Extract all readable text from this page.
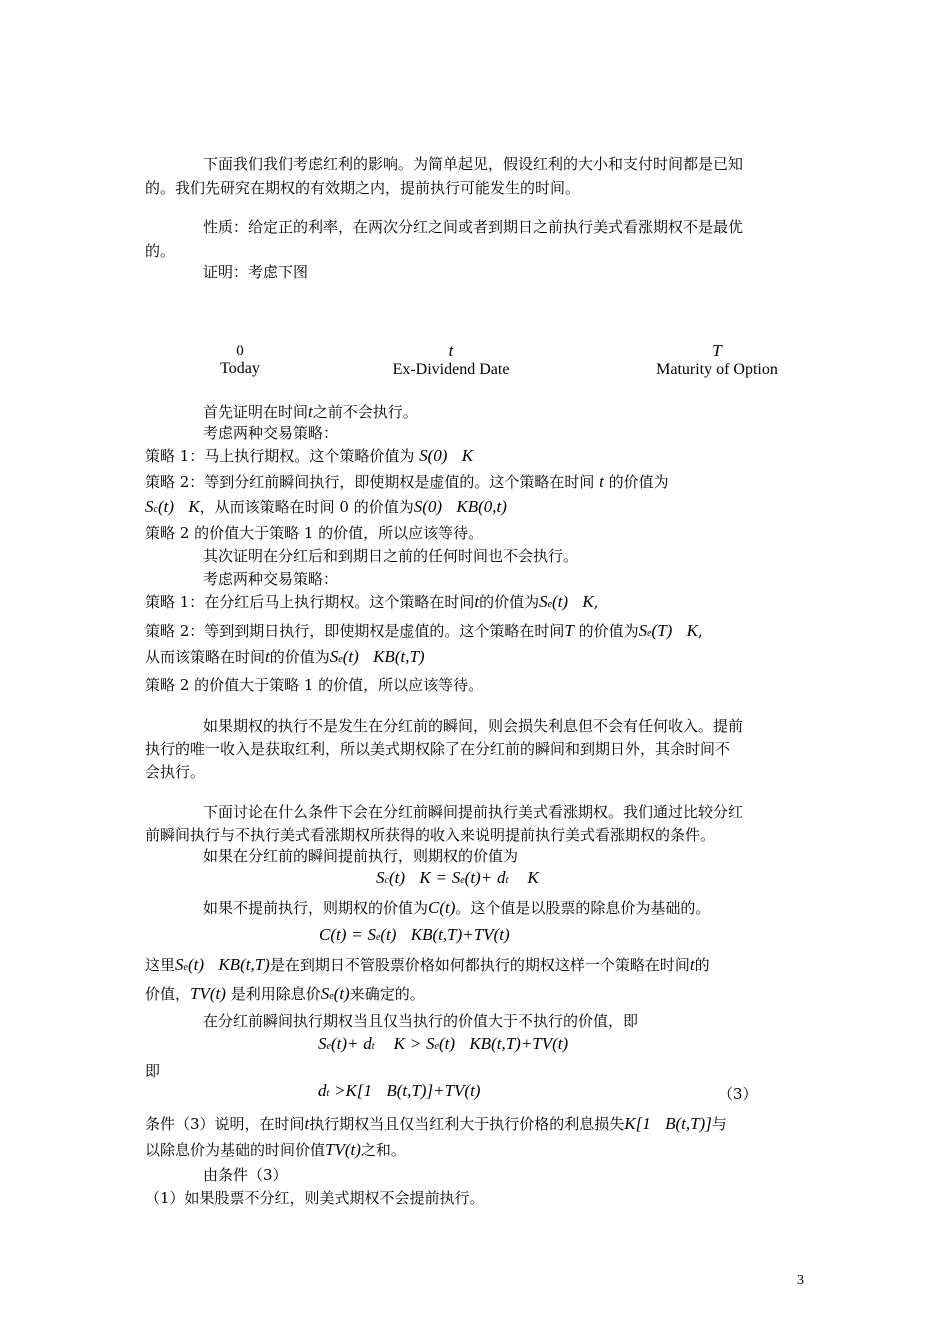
下面我们我们考虑红利的影响。为简单起见，假设红利的大小和支付时间都是已知
的。我们先研究在期权的有效期之内，提前执行可能发生的时间。
性质：给定正的利率，在两次分红之间或者到期日之前执行美式看涨期权不是最优
的。
证明：考虑下图
0
Today
t
Ex-Dividend Date
T
Maturity of Option
首先证明在时间t之前不会执行。
考虑两种交易策略：
策略 1：马上执行期权。这个策略价值为 S(0) K
策略 2：等到分红前瞬间执行，即使期权是虚值的。这个策略在时间 t 的价值为
Sc(t) K，从而该策略在时间 0 的价值为S(0) KB(0,t)
策略 2 的价值大于策略 1 的价值，所以应该等待。
其次证明在分红后和到期日之前的任何时间也不会执行。
考虑两种交易策略：
策略 1：在分红后马上执行期权。这个策略在时间t的价值为Se(t) K,
策略 2：等到到期日执行，即使期权是虚值的。这个策略在时间T 的价值为Se(T) K,
从而该策略在时间t的价值为Se(t) KB(t,T)
策略 2 的价值大于策略 1 的价值，所以应该等待。
如果期权的执行不是发生在分红前的瞬间，则会损失利息但不会有任何收入。提前
执行的唯一收入是获取红利，所以美式期权除了在分红前的瞬间和到期日外，其余时间不
会执行。
下面讨论在什么条件下会在分红前瞬间提前执行美式看涨期权。我们通过比较分红
前瞬间执行与不执行美式看涨期权所获得的收入来说明提前执行美式看涨期权的条件。
如果在分红前的瞬间提前执行，则期权的价值为
Sc(t) K = Se(t)+ dt K
如果不提前执行，则期权的价值为C(t)。这个值是以股票的除息价为基础的。
C(t) = Se(t) KB(t,T)+TV(t)
这里Se(t) KB(t,T)是在到期日不管股票价格如何都执行的期权这样一个策略在时间t的
价值，TV(t) 是利用除息价Se(t)来确定的。
在分红前瞬间执行期权当且仅当执行的价值大于不执行的价值，即
Se(t)+ dt K > Se(t) KB(t,T)+TV(t)
即
dt >K[1 B(t,T)]+TV(t)	（3）
条件（3）说明，在时间t执行期权当且仅当红利大于执行价格的利息损失K[1 B(t,T)]与
以除息价为基础的时间价值TV(t)之和。
由条件（3）
（1）如果股票不分红，则美式期权不会提前执行。
3
